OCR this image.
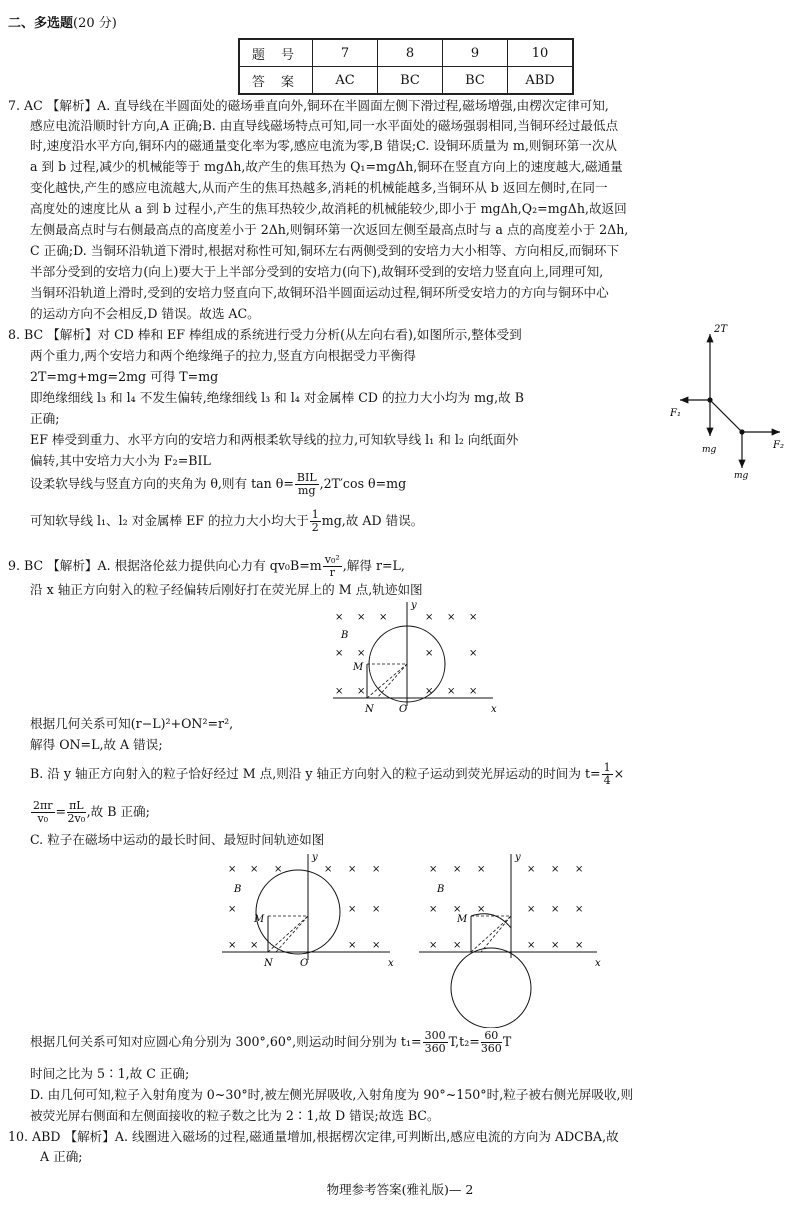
二、多选题(20 分)
题 号	7	8	9	10
答 案	AC	BC	BC	ABD
7. AC 【解析】A. 直导线在半圆面处的磁场垂直向外,铜环在半圆面左侧下滑过程,磁场增强,由楞次定律可知,
感应电流沿顺时针方向,A 正确;B. 由直导线磁场特点可知,同一水平面处的磁场强弱相同,当铜环经过最低点
时,速度沿水平方向,铜环内的磁通量变化率为零,感应电流为零,B 错误;C. 设铜环质量为 m,则铜环第一次从
a 到 b 过程,减少的机械能等于 mgΔh,故产生的焦耳热为 Q₁=mgΔh,铜环在竖直方向上的速度越大,磁通量
变化越快,产生的感应电流越大,从而产生的焦耳热越多,消耗的机械能越多,当铜环从 b 返回左侧时,在同一
高度处的速度比从 a 到 b 过程小,产生的焦耳热较少,故消耗的机械能较少,即小于 mgΔh,Q₂=mgΔh,故返回
左侧最高点时与右侧最高点的高度差小于 2Δh,则铜环第一次返回左侧至最高点时与 a 点的高度差小于 2Δh,
C 正确;D. 当铜环沿轨道下滑时,根据对称性可知,铜环左右两侧受到的安培力大小相等、方向相反,而铜环下
半部分受到的安培力(向上)要大于上半部分受到的安培力(向下),故铜环受到的安培力竖直向上,同理可知,
当铜环沿轨道上滑时,受到的安培力竖直向下,故铜环沿半圆面运动过程,铜环所受安培力的方向与铜环中心
的运动方向不会相反,D 错误。故选 AC。
8. BC 【解析】对 CD 棒和 EF 棒组成的系统进行受力分析(从左向右看),如图所示,整体受到
两个重力,两个安培力和两个绝缘绳子的拉力,竖直方向根据受力平衡得
2T=mg+mg=2mg 可得 T=mg
即绝缘细线 l₃ 和 l₄ 不发生偏转,绝缘细线 l₃ 和 l₄ 对金属棒 CD 的拉力大小均为 mg,故 B
正确;
EF 棒受到重力、水平方向的安培力和两根柔软导线的拉力,可知软导线 l₁ 和 l₂ 向纸面外
偏转,其中安培力大小为 F₂=BIL
设柔软导线与竖直方向的夹角为 θ,则有 $\tan \theta= \frac{\text{BIL}}{mg} ,2T'\cos$ θ=mg
可知软导线 l₁、l₂ 对金属棒 EF 的拉力大小均大于 $\frac{1}{2}$ mg,故 AD 错误。
2T
F₁
F₂
mg
mg
9. BC 【解析】A. 根据洛伦兹力提供向心力有 $qv_0B=m \frac{\text{v₀²}}{r}$ ,解得 r=L,
沿 x 轴正方向射入的粒子经偏转后刚好打在荧光屏上的 M 点,轨迹如图
× × ×	× × ×
× ×	×	×
× ×	× × ×
B
M
N	O	x
y
根据几何关系可知(r−L)²+ON²=r²,
解得 ON=L,故 A 错误;
B. 沿 y 轴正方向射入的粒子恰好经过 M 点,则沿 y 轴正方向射入的粒子运动到荧光屏运动的时间为 $t= \frac{1}{4}$ ×
$\frac{2\pi r}{\text{v₀}} = \frac{\pi L}{\text{2v₀}}$ ,故 B 正确;
C. 粒子在磁场中运动的最长时间、最短时间轨迹如图
× × ×	× × ×
×	× ×
× ×	× ×
B
M
N	O	x
y
× × ×	× × ×
× × ×	× × ×
× ×	× × ×
B
M
x
y
根据几何关系可知对应圆心角分别为 300°,60°,则运动时间分别为 $t_1= \frac{300}{360} T,t_2= \frac{60}{360}$ T
时间之比为 5∶1,故 C 正确;
D. 由几何可知,粒子入射角度为 0~30°时,被左侧光屏吸收,入射角度为 90°~150°时,粒子被右侧光屏吸收,则
被荧光屏右侧面和左侧面接收的粒子数之比为 2∶1,故 D 错误;故选 BC。
10. ABD 【解析】A. 线圈进入磁场的过程,磁通量增加,根据楞次定律,可判断出,感应电流的方向为 ADCBA,故
A 正确;
物理参考答案(雅礼版)— 2
